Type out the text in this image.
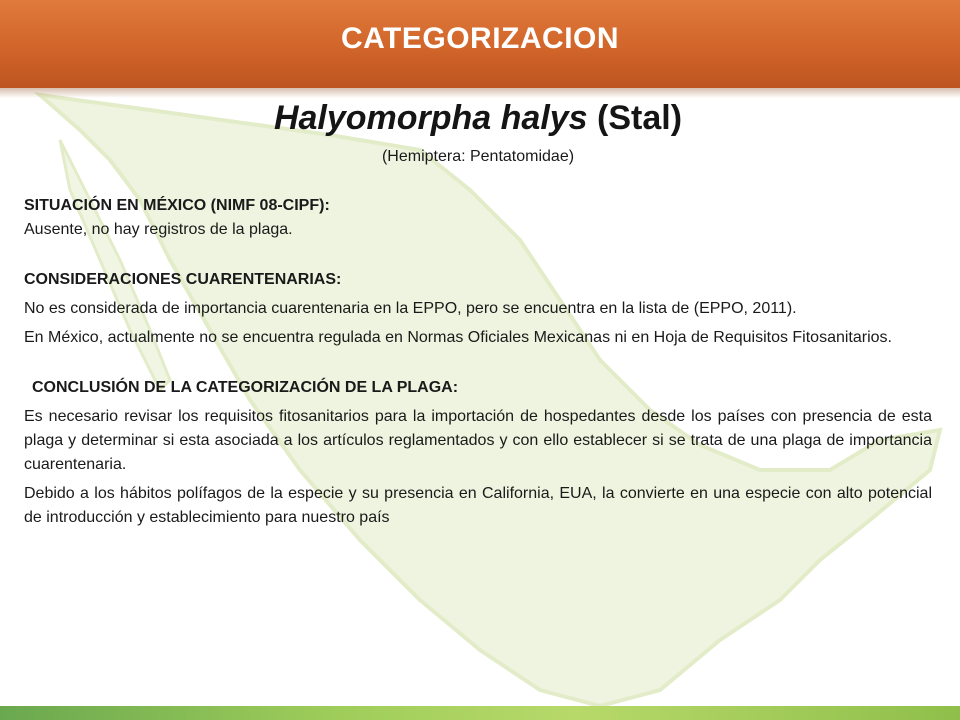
CATEGORIZACION

Halyomorpha halys (Stal)

(Hemiptera: Pentatomidae)

SITUACIÓN EN MÉXICO (NIMF 08-CIPF):

Ausente, no hay registros de la plaga.

CONSIDERACIONES CUARENTENARIAS:

No es considerada de importancia cuarentenaria en la EPPO, pero se encuentra en la lista de (EPPO, 2011).

En México, actualmente no se encuentra regulada en Normas Oficiales Mexicanas ni en Hoja de Requisitos Fitosanitarios.

CONCLUSIÓN DE LA CATEGORIZACIÓN DE LA PLAGA:

Es necesario revisar los requisitos fitosanitarios para la importación de hospedantes desde los países con presencia de esta plaga y determinar si esta asociada a los artículos reglamentados y con ello establecer si se trata de una plaga de importancia cuarentenaria.

Debido a los hábitos polífagos de la especie y su presencia en California, EUA, la convierte en una especie con alto potencial de introducción y establecimiento para nuestro país
